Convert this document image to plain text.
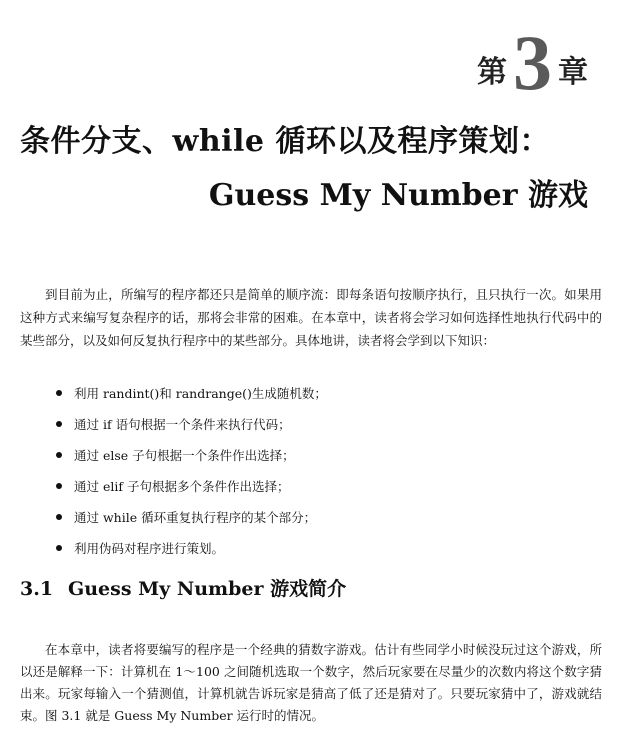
第 3 章
条件分支、while 循环以及程序策划：
Guess My Number 游戏

到目前为止，所编写的程序都还只是简单的顺序流：即每条语句按顺序执行，且只执行一次。如果用这种方式来编写复杂程序的话，那将会非常的困难。在本章中，读者将会学习如何选择性地执行代码中的某些部分，以及如何反复执行程序中的某些部分。具体地讲，读者将会学到以下知识：

利用 randint()和 randrange()生成随机数；
通过 if 语句根据一个条件来执行代码；
通过 else 子句根据一个条件作出选择；
通过 elif 子句根据多个条件作出选择；
通过 while 循环重复执行程序的某个部分；
利用伪码对程序进行策划。
3.1 Guess My Number 游戏简介

在本章中，读者将要编写的程序是一个经典的猜数字游戏。估计有些同学小时候没玩过这个游戏，所以还是解释一下：计算机在 1～100 之间随机选取一个数字，然后玩家要在尽量少的次数内将这个数字猜出来。玩家每输入一个猜测值，计算机就告诉玩家是猜高了低了还是猜对了。只要玩家猜中了，游戏就结束。图 3.1 就是 Guess My Number 运行时的情况。
